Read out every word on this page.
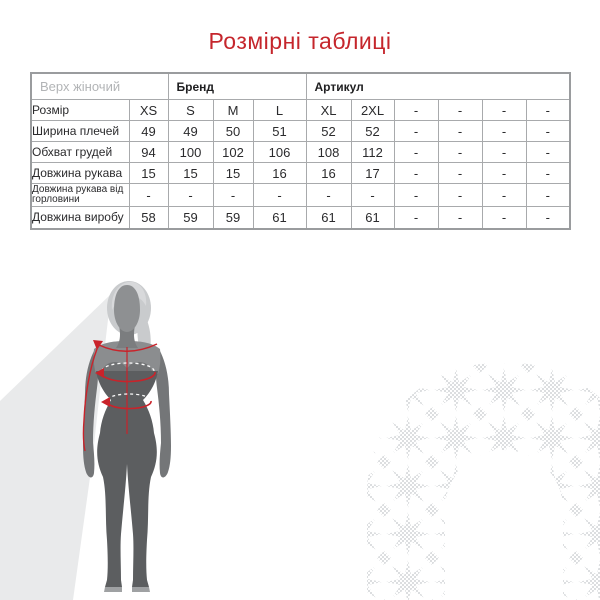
Розмірні таблиці
Верх жіночий		Бренд			Артикул					
Розмір	XS	S	M	L	XL	2XL	-	-	-	-
Ширина плечей	49	49	50	51	52	52	-	-	-	-
Обхват грудей	94	100	102	106	108	112	-	-	-	-
Довжина рукава	15	15	15	16	16	17	-	-	-	-
Довжина рукава від горловини	-	-	-	-	-	-	-	-	-	-
Довжина виробу	58	59	59	61	61	61	-	-	-	-
